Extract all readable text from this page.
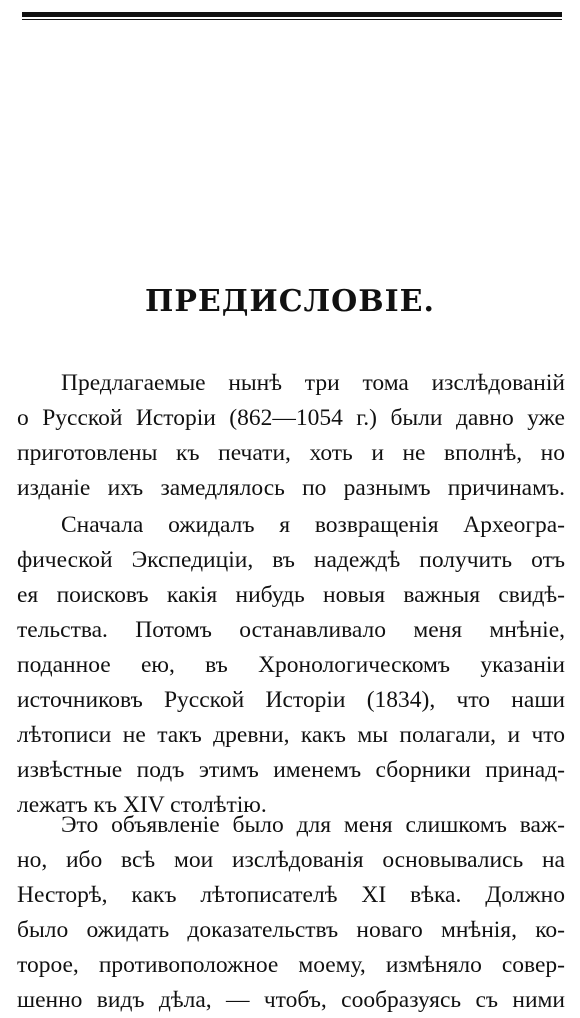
ПРЕДИСЛОВІЕ.
Предлагаемые нынѣ три тома изслѣдованій
о Русской Исторіи (862—1054 г.) были давно уже
приготовлены къ печати, хоть и не вполнѣ, но
изданіе ихъ замедлялось по разнымъ причинамъ.
Сначала ожидалъ я возвращенія Археогра-
фической Экспедиціи, въ надеждѣ получить отъ
ея поисковъ какія нибудь новыя важныя свидѣ-
тельства. Потомъ останавливало меня мнѣніе,
поданное ею, въ Хронологическомъ указаніи
источниковъ Русской Исторіи (1834), что наши
лѣтописи не такъ древни, какъ мы полагали, и что
извѣстные подъ этимъ именемъ сборники принад-
лежатъ къ XIV столѣтію.
Это объявленіе было для меня слишкомъ важ-
но, ибо всѣ мои изслѣдованія основывались на
Несторѣ, какъ лѣтописателѣ XI вѣка. Должно
было ожидать доказательствъ новаго мнѣнія, ко-
торое, противоположное моему, измѣняло совер-
шенно видъ дѣла, — чтобъ, сообразуясь съ ними
